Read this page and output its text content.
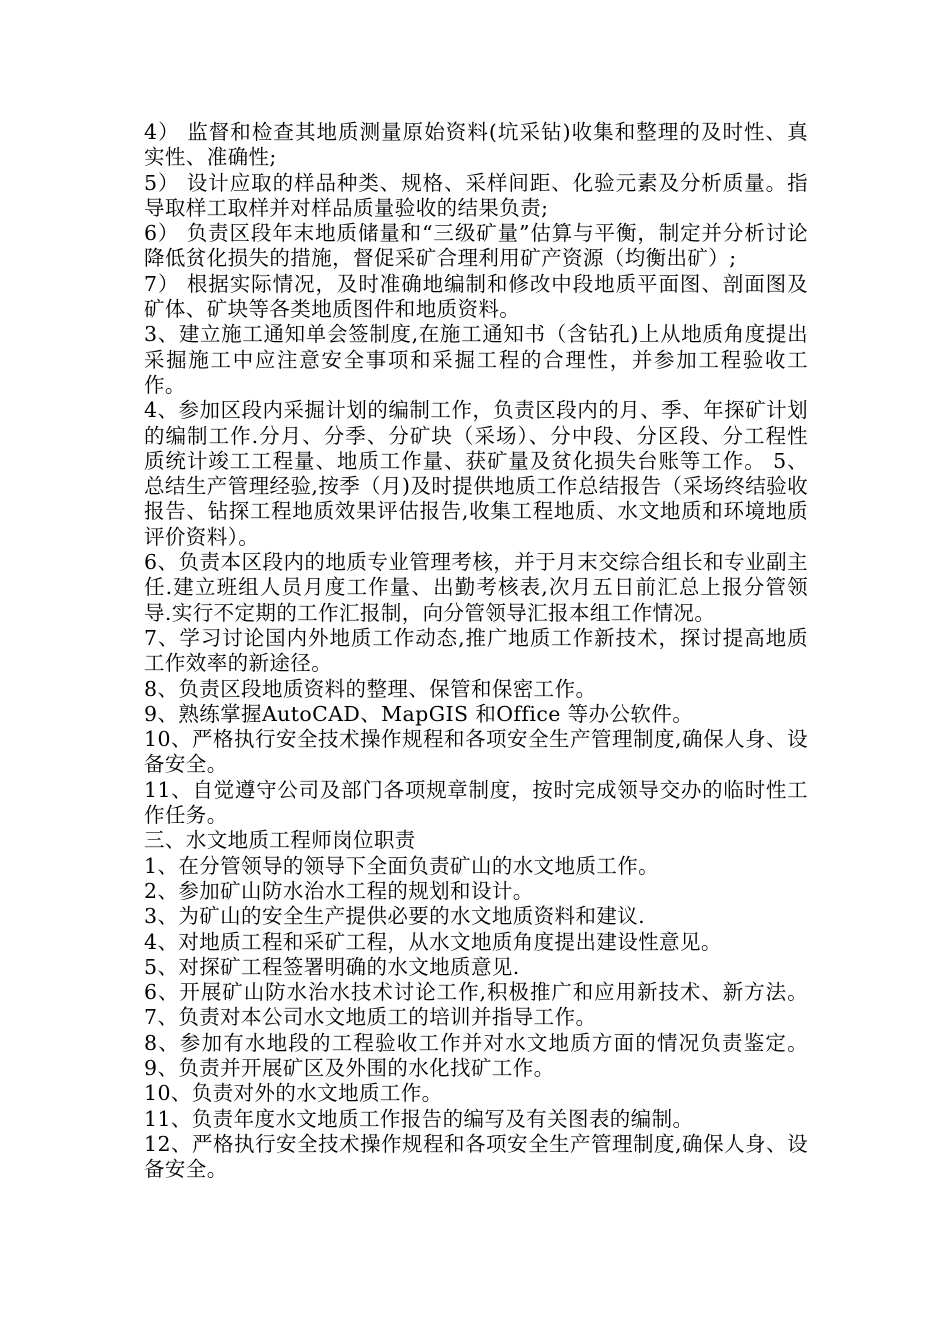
4） 监督和检查其地质测量原始资料(坑采钻)收集和整理的及时性、真实性、准确性;

5） 设计应取的样品种类、规格、采样间距、化验元素及分析质量。指导取样工取样并对样品质量验收的结果负责;

6） 负责区段年末地质储量和“三级矿量”估算与平衡，制定并分析讨论降低贫化损失的措施，督促采矿合理利用矿产资源（均衡出矿）;

7） 根据实际情况，及时准确地编制和修改中段地质平面图、剖面图及矿体、矿块等各类地质图件和地质资料。

3、建立施工通知单会签制度,在施工通知书（含钻孔)上从地质角度提出采掘施工中应注意安全事项和采掘工程的合理性，并参加工程验收工作。

4、参加区段内采掘计划的编制工作，负责区段内的月、季、年探矿计划的编制工作.分月、分季、分矿块（采场）、分中段、分区段、分工程性质统计竣工工程量、地质工作量、获矿量及贫化损失台账等工作。 5、总结生产管理经验,按季（月)及时提供地质工作总结报告（采场终结验收报告、钻探工程地质效果评估报告,收集工程地质、水文地质和环境地质评价资料）。

6、负责本区段内的地质专业管理考核，并于月末交综合组长和专业副主任.建立班组人员月度工作量、出勤考核表,次月五日前汇总上报分管领导.实行不定期的工作汇报制，向分管领导汇报本组工作情况。

7、学习讨论国内外地质工作动态,推广地质工作新技术，探讨提高地质工作效率的新途径。

8、负责区段地质资料的整理、保管和保密工作。

9、熟练掌握AutoCAD、MapGIS 和Office 等办公软件。

10、严格执行安全技术操作规程和各项安全生产管理制度,确保人身、设备安全。

11、自觉遵守公司及部门各项规章制度，按时完成领导交办的临时性工作任务。

三、水文地质工程师岗位职责

1、在分管领导的领导下全面负责矿山的水文地质工作。

2、参加矿山防水治水工程的规划和设计。

3、为矿山的安全生产提供必要的水文地质资料和建议.

4、对地质工程和采矿工程，从水文地质角度提出建设性意见。

5、对探矿工程签署明确的水文地质意见.

6、开展矿山防水治水技术讨论工作,积极推广和应用新技术、新方法。 7、负责对本公司水文地质工的培训并指导工作。

8、参加有水地段的工程验收工作并对水文地质方面的情况负责鉴定。 9、负责并开展矿区及外围的水化找矿工作。

10、负责对外的水文地质工作。

11、负责年度水文地质工作报告的编写及有关图表的编制。

12、严格执行安全技术操作规程和各项安全生产管理制度,确保人身、设备安全。
